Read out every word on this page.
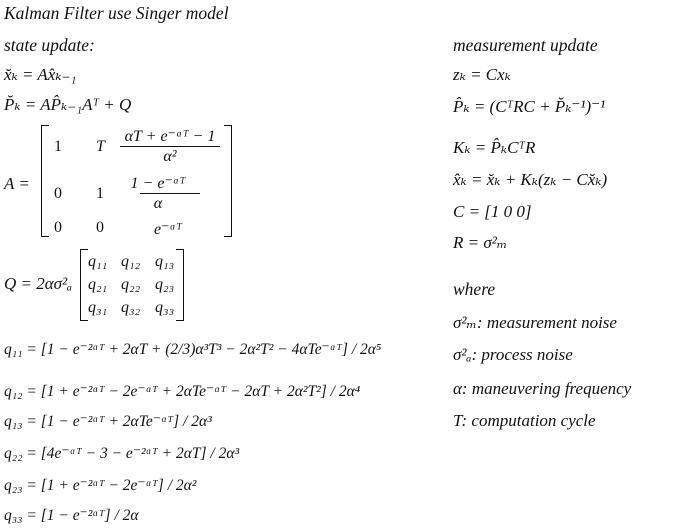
Kalman Filter use Singer model
state update:
x̆ₖ = Ax̂ₖ₋₁
P̆ₖ = AP̂ₖ₋₁Aᵀ + Q
A =
1 T
αT + e⁻ᵅᵀ − 1
α²
0 1
1 − e⁻ᵅᵀ
α
0 0	e⁻ᵅᵀ
Q = 2ασ²ₐ
q₁₁ q₁₂ q₁₃
q₂₁ q₂₂ q₂₃
q₃₁ q₃₂ q₃₃
q₁₁ = [1 − e⁻²ᵅᵀ + 2αT + (2/3)α³T³ − 2α²T² − 4αTe⁻ᵅᵀ] / 2α⁵
q₁₂ = [1 + e⁻²ᵅᵀ − 2e⁻ᵅᵀ + 2αTe⁻ᵅᵀ − 2αT + 2α²T²] / 2α⁴
q₁₃ = [1 − e⁻²ᵅᵀ + 2αTe⁻ᵅᵀ] / 2α³
q₂₂ = [4e⁻ᵅᵀ − 3 − e⁻²ᵅᵀ + 2αT] / 2α³
q₂₃ = [1 + e⁻²ᵅᵀ − 2e⁻ᵅᵀ] / 2α²
q₃₃ = [1 − e⁻²ᵅᵀ] / 2α
measurement update
zₖ = Cxₖ
P̂ₖ = (CᵀRC + P̆ₖ⁻¹)⁻¹
Kₖ = P̂ₖCᵀR
x̂ₖ = x̆ₖ + Kₖ(zₖ − Cx̆ₖ)
C = [1 0 0]
R = σ²ₘ
where
σ²ₘ: measurement noise
σ²ₐ: process noise
α: maneuvering frequency
T: computation cycle
